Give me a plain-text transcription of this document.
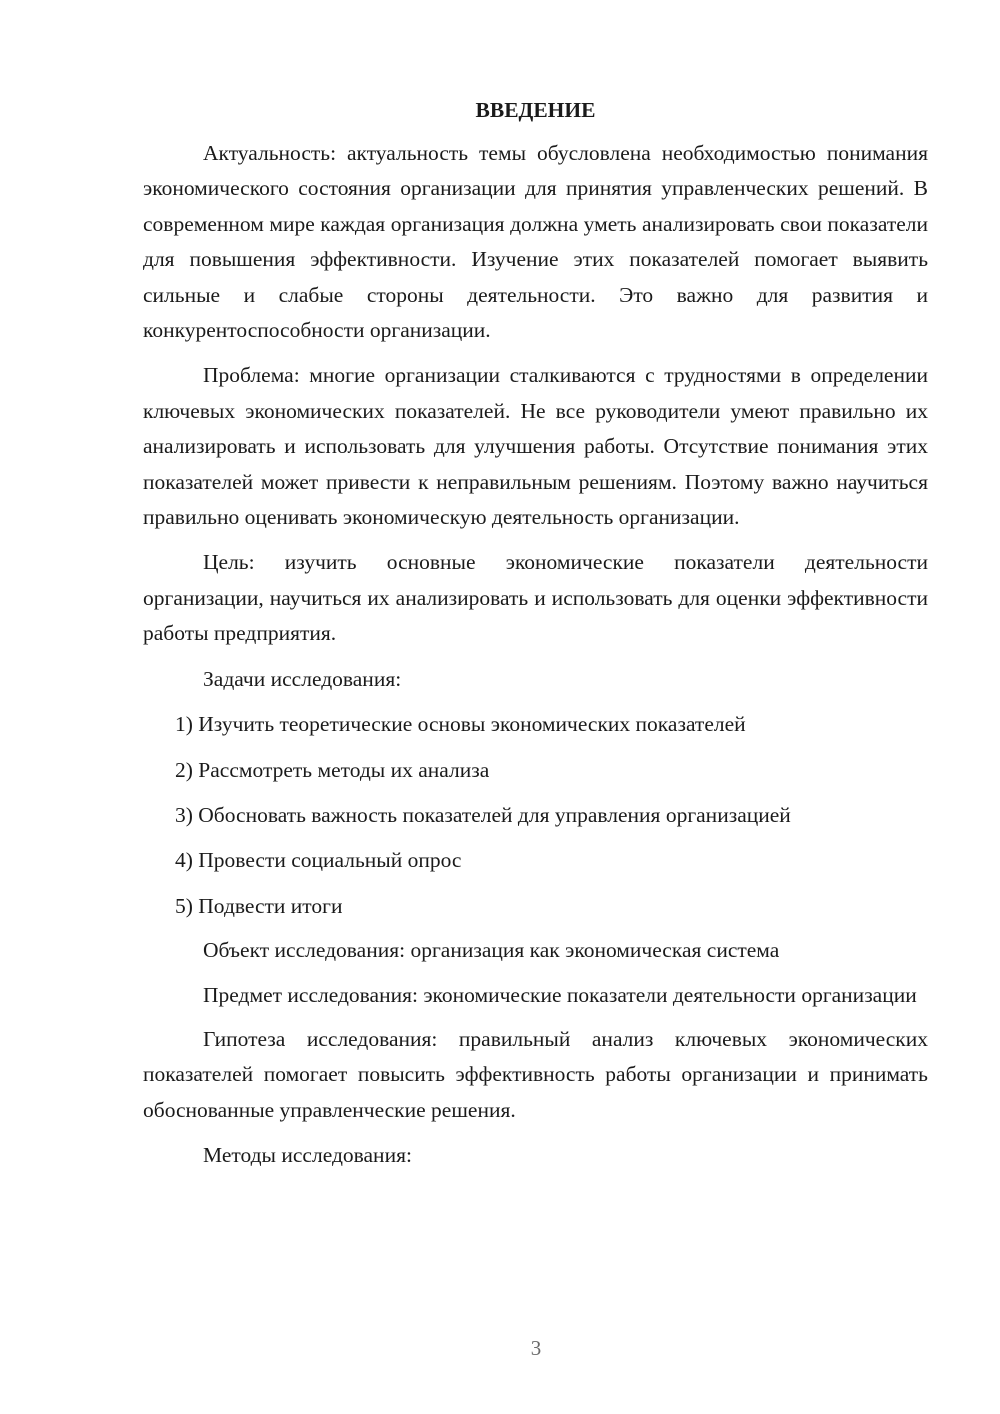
ВВЕДЕНИЕ

Актуальность: актуальность темы обусловлена необходимостью понимания экономического состояния организации для принятия управленческих решений. В современном мире каждая организация должна уметь анализировать свои показатели для повышения эффективности. Изучение этих показателей помогает выявить сильные и слабые стороны деятельности. Это важно для развития и конкурентоспособности организации.

Проблема: многие организации сталкиваются с трудностями в определении ключевых экономических показателей. Не все руководители умеют правильно их анализировать и использовать для улучшения работы. Отсутствие понимания этих показателей может привести к неправильным решениям. Поэтому важно научиться правильно оценивать экономическую деятельность организации.

Цель: изучить основные экономические показатели деятельности организации, научиться их анализировать и использовать для оценки эффективности работы предприятия.

Задачи исследования:

1) Изучить теоретические основы экономических показателей
2) Рассмотреть методы их анализа
3) Обосновать важность показателей для управления организацией
4) Провести социальный опрос
5) Подвести итоги

Объект исследования: организация как экономическая система

Предмет исследования: экономические показатели деятельности организации

Гипотеза исследования: правильный анализ ключевых экономических показателей помогает повысить эффективность работы организации и принимать обоснованные управленческие решения.

Методы исследования:

3
